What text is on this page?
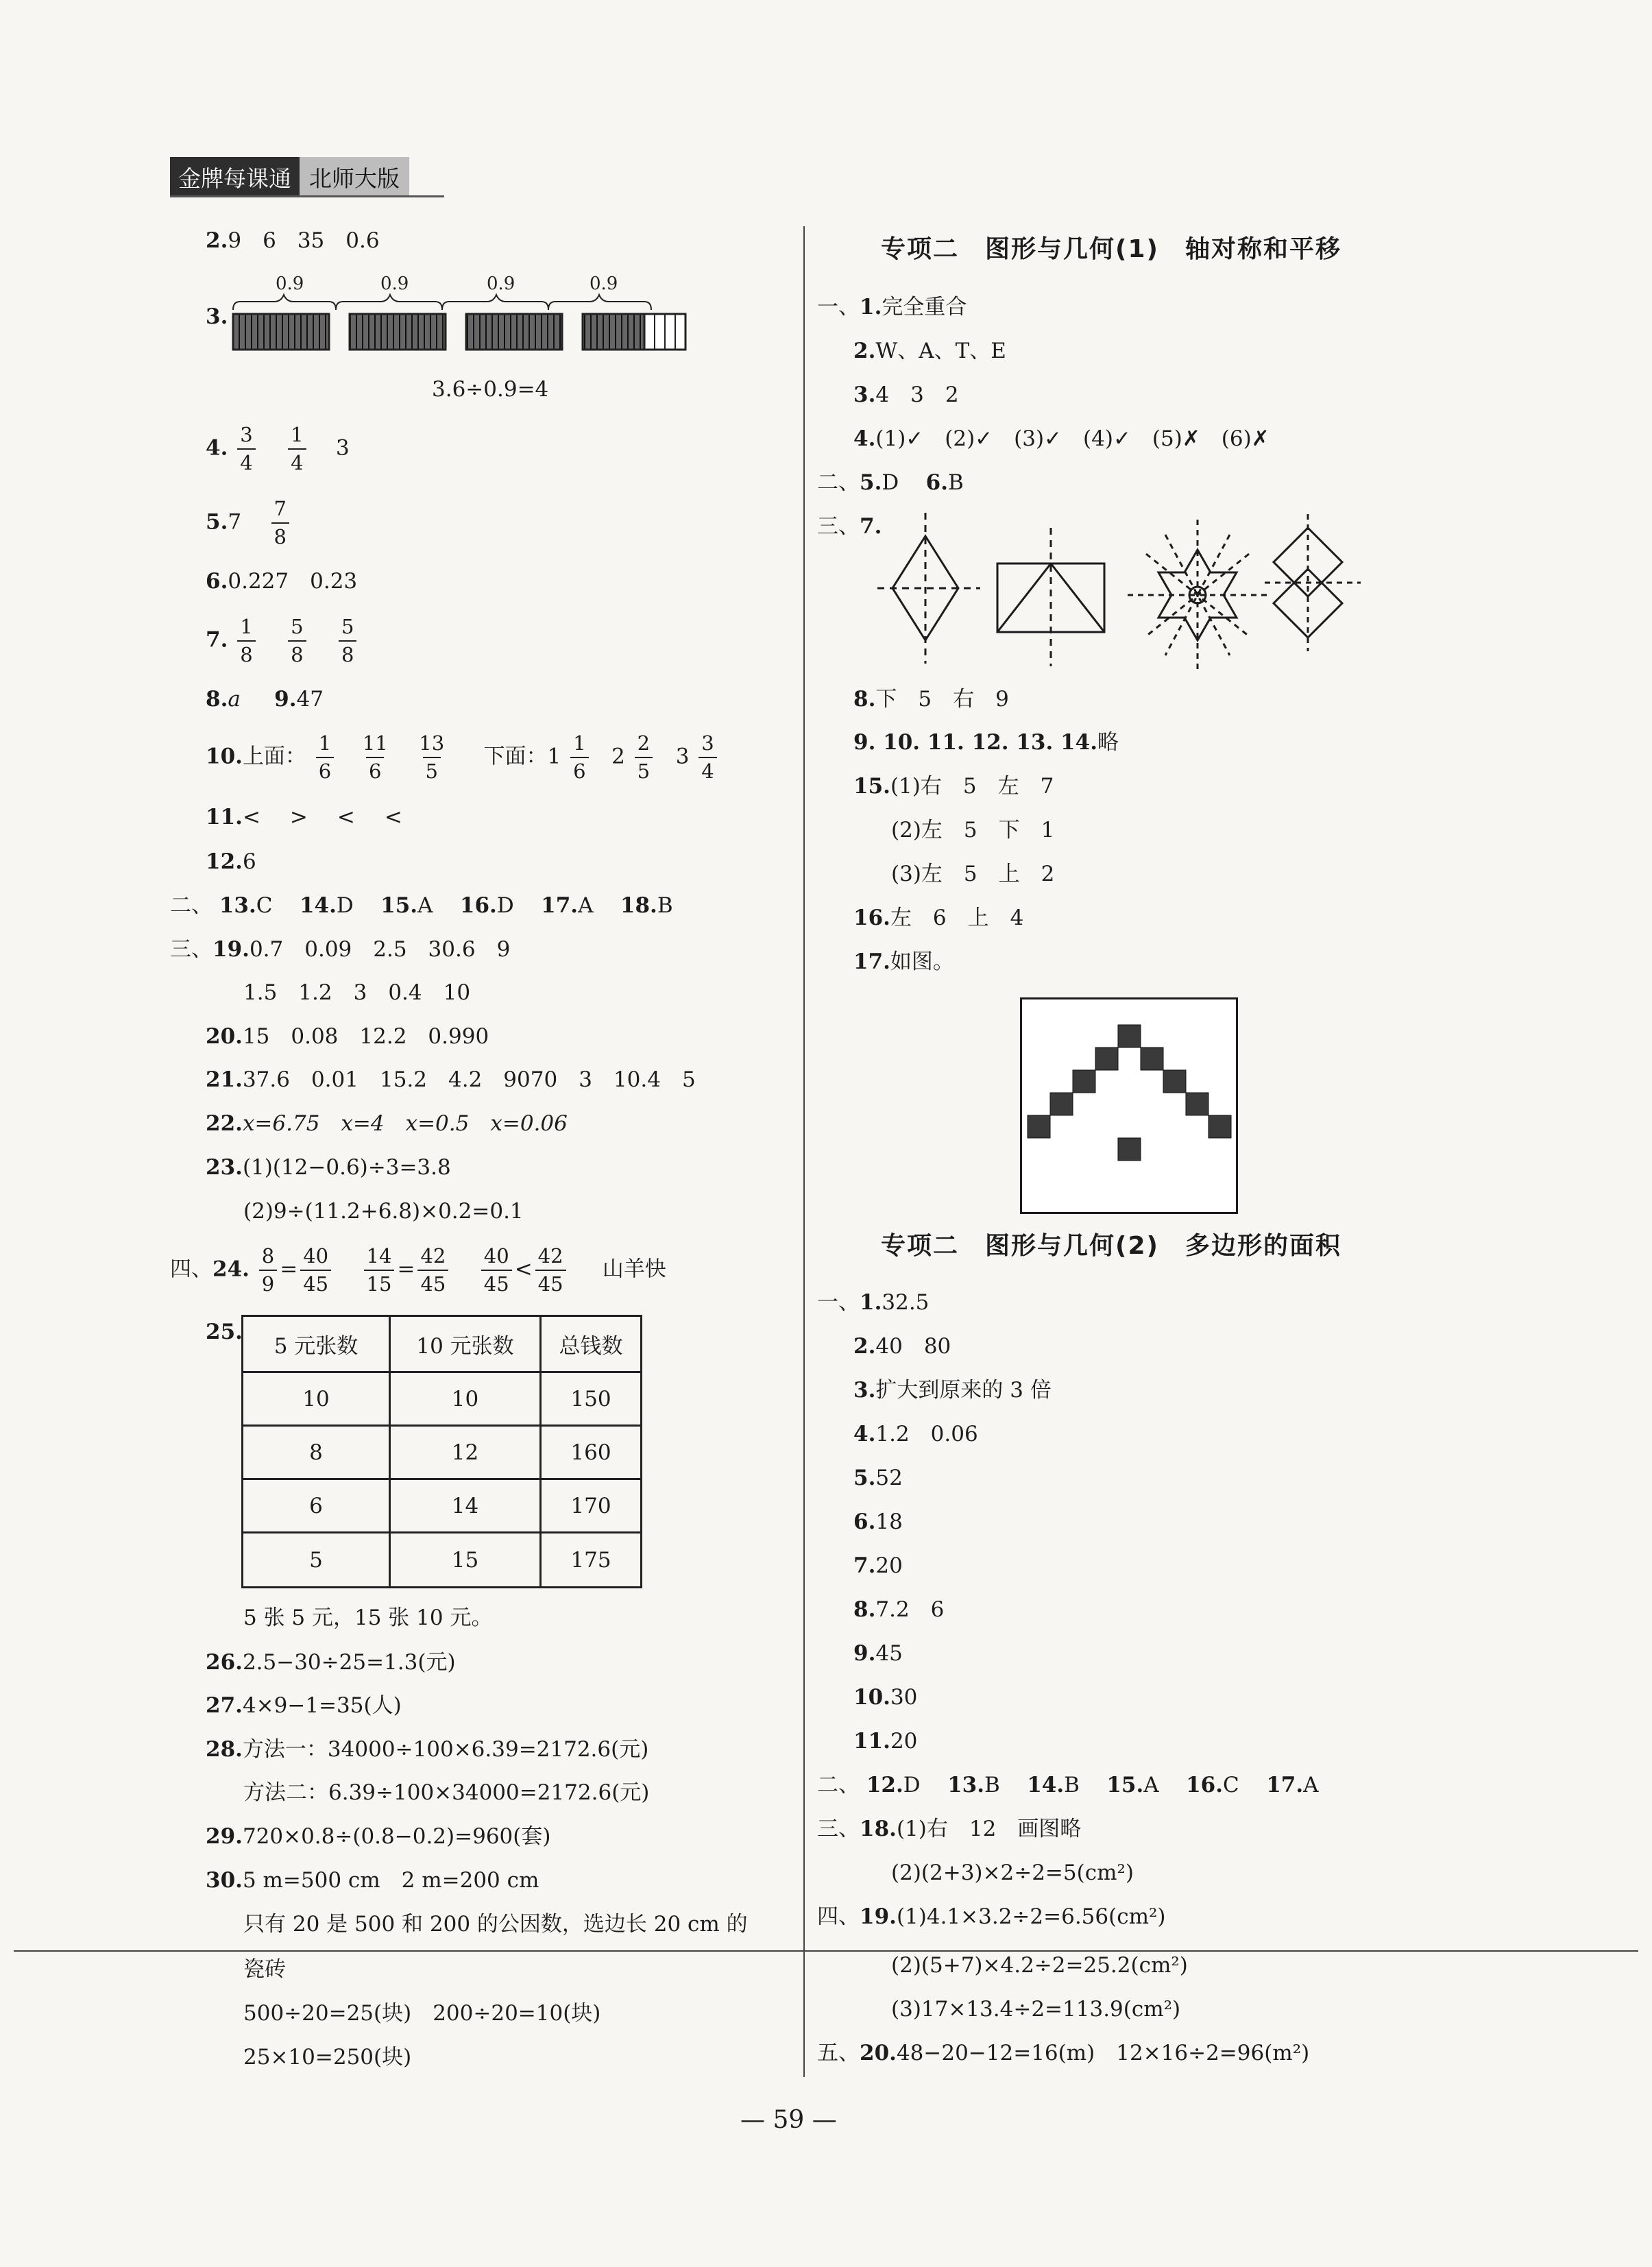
金牌每课通 北师大版
2.9　6　35　0.6
3.
0.9	0.9	0.9	0.9
3.6÷0.9=4
4. $\frac{3}{4}$
$\frac{1}{4} 3$
$5.7 \frac{7}{8}$
6.0.227　0.23
7. $\frac{1}{8}$
$\frac{5}{8}$
$\frac{5}{8}$
8.a 9.47
10.上面： $\frac{1}{6}$
$\frac{11}{6}$
$\frac{13}{5}$ 下面：$1 \frac{1}{6} 2 \frac{2}{5} 3 \frac{3}{4}$
11.<　>　<　<
12.6
二、 13.C 14.D 15.A 16.D 17.A 18.B
三、19.0.7　0.09　2.5　30.6　9
1.5　1.2　3　0.4　10
20.15　0.08　12.2　0.990
21.37.6　0.01　15.2　4.2　9070　3　10.4　5
22.x=6.75　x=4　x=0.5　x=0.06
23.(1)(12−0.6)÷3=3.8
(2)9÷(11.2+6.8)×0.2=0.1
四、24. $\frac{8}{9} = \frac{40}{45}$
$\frac{14}{15} = \frac{42}{45}$
$\frac{40}{45} < \frac{42}{45}$ 山羊快
25.
5 元张数	10 元张数	总钱数
10	10	150
8	12	160
6	14	170
5	15	175
5 张 5 元，15 张 10 元。
26.2.5−30÷25=1.3(元)
27.4×9−1=35(人)
28.方法一：34000÷100×6.39=2172.6(元)
方法二：6.39÷100×34000=2172.6(元)
29.720×0.8÷(0.8−0.2)=960(套)
30.5 m=500 cm　2 m=200 cm
只有 20 是 500 和 200 的公因数，选边长 20 cm 的
瓷砖
500÷20=25(块)　200÷20=10(块)
25×10=250(块)
专项二　图形与几何(1)　轴对称和平移
一、1.完全重合
2.W、A、T、E
3.4　3　2
4.(1)✓　(2)✓　(3)✓　(4)✓　(5)✗　(6)✗
二、5.D 6.B
三、7.
8.下　5　右　9
9. 10. 11. 12. 13. 14.略
15.(1)右　5　左　7
(2)左　5　下　1
(3)左　5　上　2
16.左　6　上　4
17.如图。
专项二　图形与几何(2)　多边形的面积
一、1.32.5
2.40　80
3.扩大到原来的 3 倍
4.1.2　0.06
5.52
6.18
7.20
8.7.2　6
9.45
10.30
11.20
二、 12.D 13.B 14.B 15.A 16.C 17.A
三、18.(1)右　12　画图略
(2)(2+3)×2÷2=5(cm²)
四、19.(1)4.1×3.2÷2=6.56(cm²)
(2)(5+7)×4.2÷2=25.2(cm²)
(3)17×13.4÷2=113.9(cm²)
五、20.48−20−12=16(m)　12×16÷2=96(m²)
— 59 —
